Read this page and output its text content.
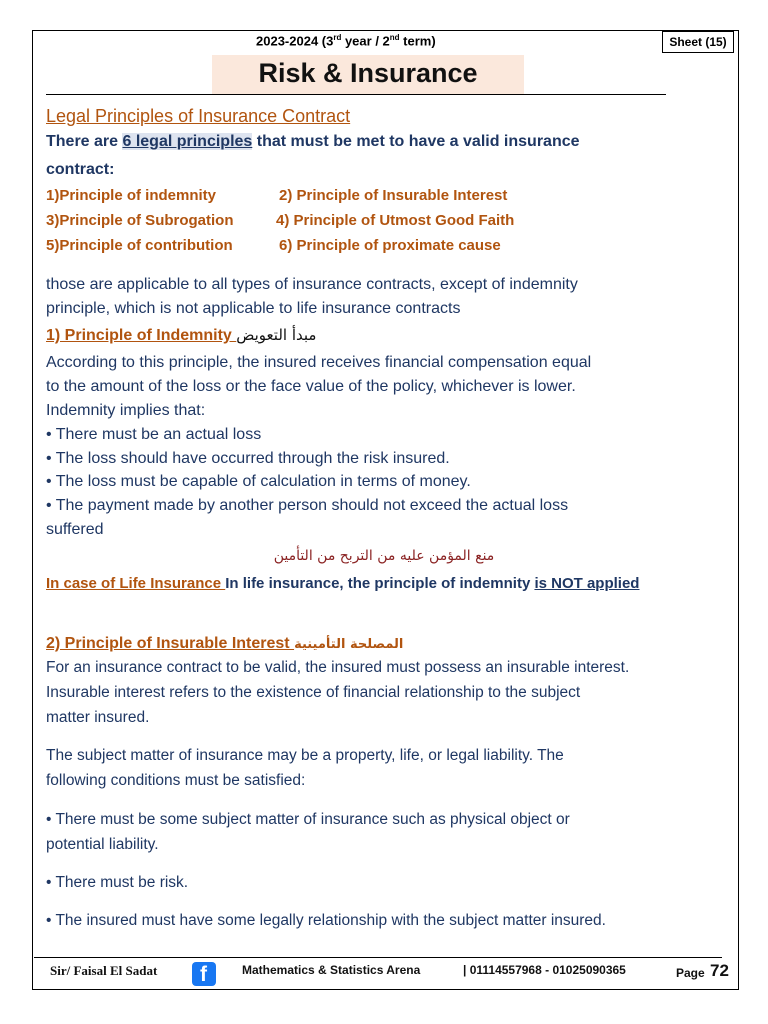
2023-2024 (3rd year / 2nd term)	Sheet (15)
Risk & Insurance
Legal Principles of Insurance Contract
There are 6 legal principles that must be met to have a valid insurance
contract:
1)Principle of indemnity	2) Principle of Insurable Interest
3)Principle of Subrogation	4) Principle of Utmost Good Faith
5)Principle of contribution	6) Principle of proximate cause
those are applicable to all types of insurance contracts, except of indemnity
principle, which is not applicable to life insurance contracts
1) Principle of Indemnity مبدأ التعويض
According to this principle, the insured receives financial compensation equal
to the amount of the loss or the face value of the policy, whichever is lower.
Indemnity implies that:
• There must be an actual loss
• The loss should have occurred through the risk insured.
• The loss must be capable of calculation in terms of money.
• The payment made by another person should not exceed the actual loss
suffered
منع المؤمن عليه من التربح من التأمين
In case of Life Insurance In life insurance, the principle of indemnity is NOT applied
2) Principle of Insurable Interest المصلحة التأمينية
For an insurance contract to be valid, the insured must possess an insurable interest.
Insurable interest refers to the existence of financial relationship to the subject
matter insured.
The subject matter of insurance may be a property, life, or legal liability. The
following conditions must be satisfied:
• There must be some subject matter of insurance such as physical object or
potential liability.
• There must be risk.
• The insured must have some legally relationship with the subject matter insured.
Sir/ Faisal El Sadat f	Mathematics & Statistics Arena	| 01114557968 - 01025090365	Page 72
